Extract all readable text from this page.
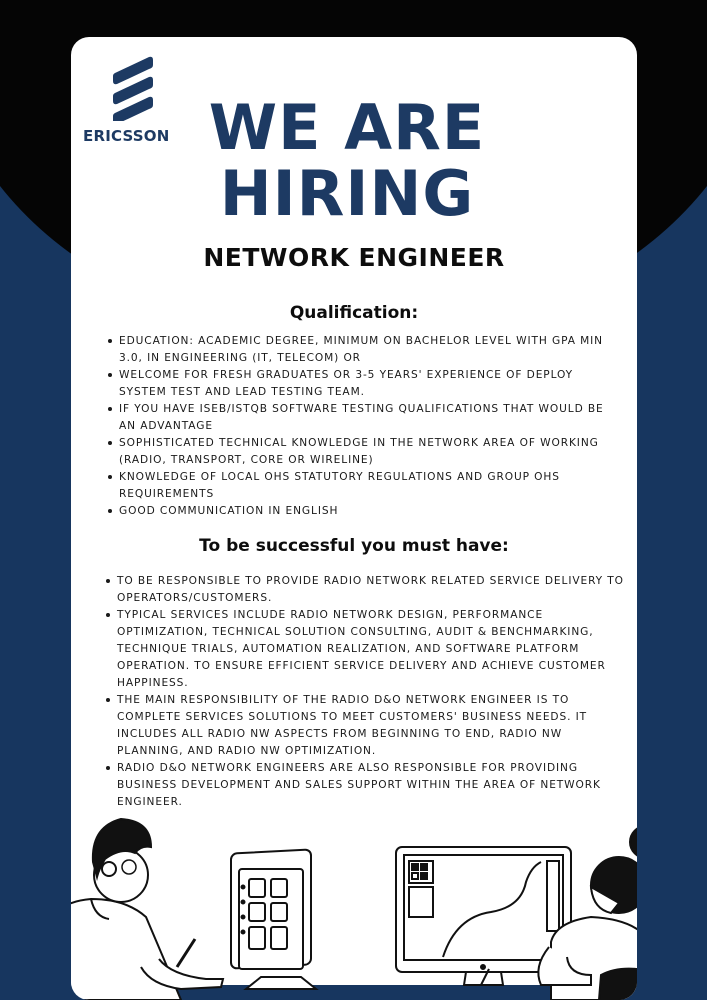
ERICSSON WE ARE
HIRING
NETWORK ENGINEER
Qualification:
EDUCATION: ACADEMIC DEGREE, MINIMUM ON BACHELOR LEVEL WITH GPA MIN 3.0, IN ENGINEERING (IT, TELECOM) OR
WELCOME FOR FRESH GRADUATES OR 3-5 YEARS' EXPERIENCE OF DEPLOY SYSTEM TEST AND LEAD TESTING TEAM.
IF YOU HAVE ISEB/ISTQB SOFTWARE TESTING QUALIFICATIONS THAT WOULD BE AN ADVANTAGE
SOPHISTICATED TECHNICAL KNOWLEDGE IN THE NETWORK AREA OF WORKING (RADIO, TRANSPORT, CORE OR WIRELINE)
KNOWLEDGE OF LOCAL OHS STATUTORY REGULATIONS AND GROUP OHS REQUIREMENTS
GOOD COMMUNICATION IN ENGLISH
To be successful you must have:
TO BE RESPONSIBLE TO PROVIDE RADIO NETWORK RELATED SERVICE DELIVERY TO OPERATORS/CUSTOMERS.
TYPICAL SERVICES INCLUDE RADIO NETWORK DESIGN, PERFORMANCE OPTIMIZATION, TECHNICAL SOLUTION CONSULTING, AUDIT & BENCHMARKING, TECHNIQUE TRIALS, AUTOMATION REALIZATION, AND SOFTWARE PLATFORM OPERATION. TO ENSURE EFFICIENT SERVICE DELIVERY AND ACHIEVE CUSTOMER HAPPINESS.
THE MAIN RESPONSIBILITY OF THE RADIO D&O NETWORK ENGINEER IS TO COMPLETE SERVICES SOLUTIONS TO MEET CUSTOMERS' BUSINESS NEEDS. IT INCLUDES ALL RADIO NW ASPECTS FROM BEGINNING TO END, RADIO NW PLANNING, AND RADIO NW OPTIMIZATION.
RADIO D&O NETWORK ENGINEERS ARE ALSO RESPONSIBLE FOR PROVIDING BUSINESS DEVELOPMENT AND SALES SUPPORT WITHIN THE AREA OF NETWORK ENGINEER.
